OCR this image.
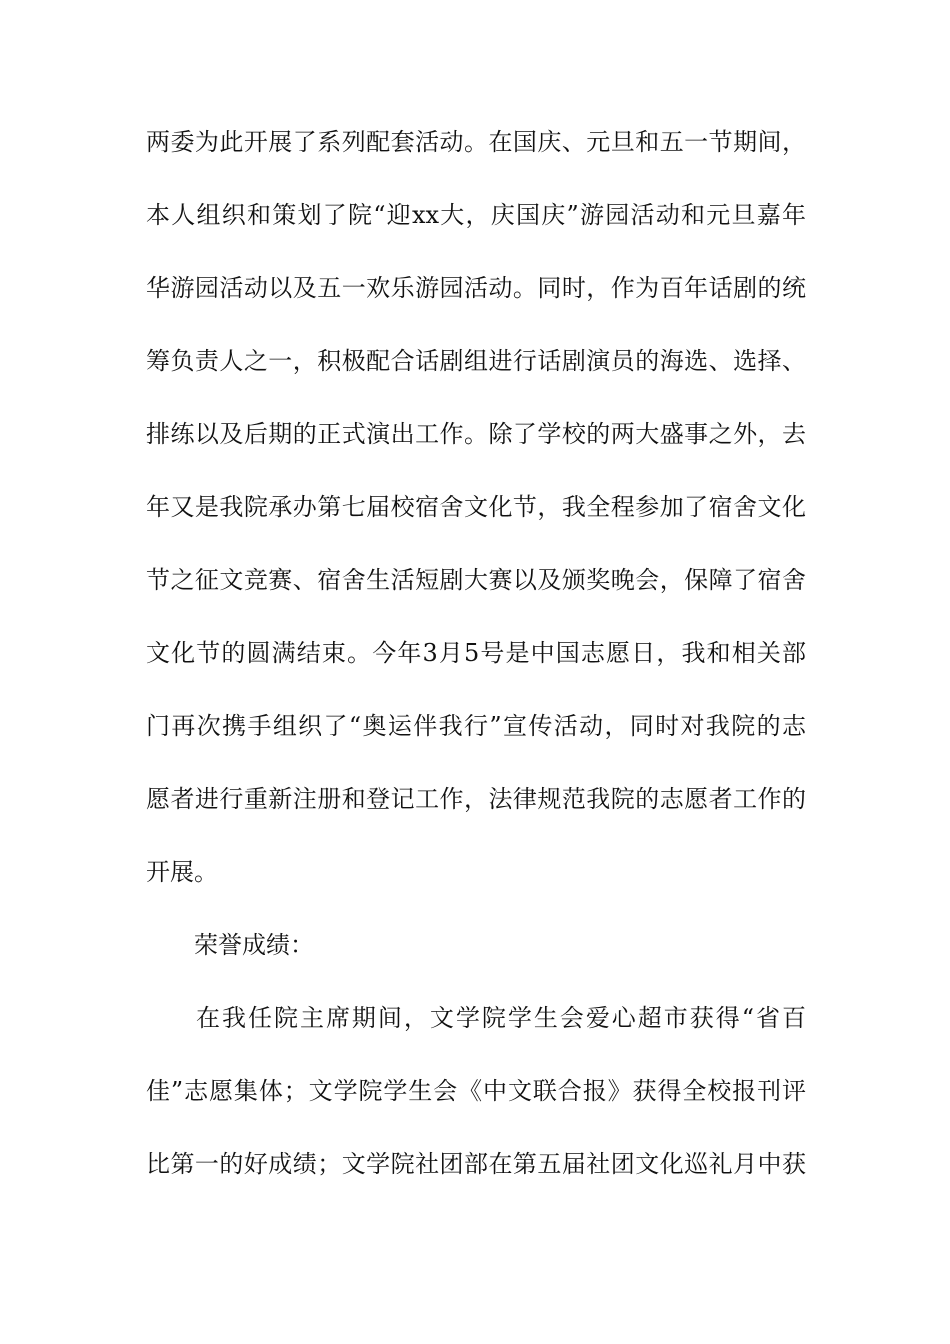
两委为此开展了系列配套活动。在国庆、元旦和五一节期间，
本人组织和策划了院“迎xx大，庆国庆”游园活动和元旦嘉年
华游园活动以及五一欢乐游园活动。同时，作为百年话剧的统
筹负责人之一，积极配合话剧组进行话剧演员的海选、选择、
排练以及后期的正式演出工作。除了学校的两大盛事之外，去
年又是我院承办第七届校宿舍文化节，我全程参加了宿舍文化
节之征文竞赛、宿舍生活短剧大赛以及颁奖晚会，保障了宿舍
文化节的圆满结束。今年3月5号是中国志愿日，我和相关部
门再次携手组织了“奥运伴我行”宣传活动，同时对我院的志
愿者进行重新注册和登记工作，法律规范我院的志愿者工作的
开展。
荣誉成绩：
在我任院主席期间，文学院学生会爱心超市获得“省百
佳”志愿集体；文学院学生会《中文联合报》获得全校报刊评
比第一的好成绩；文学院社团部在第五届社团文化巡礼月中获
